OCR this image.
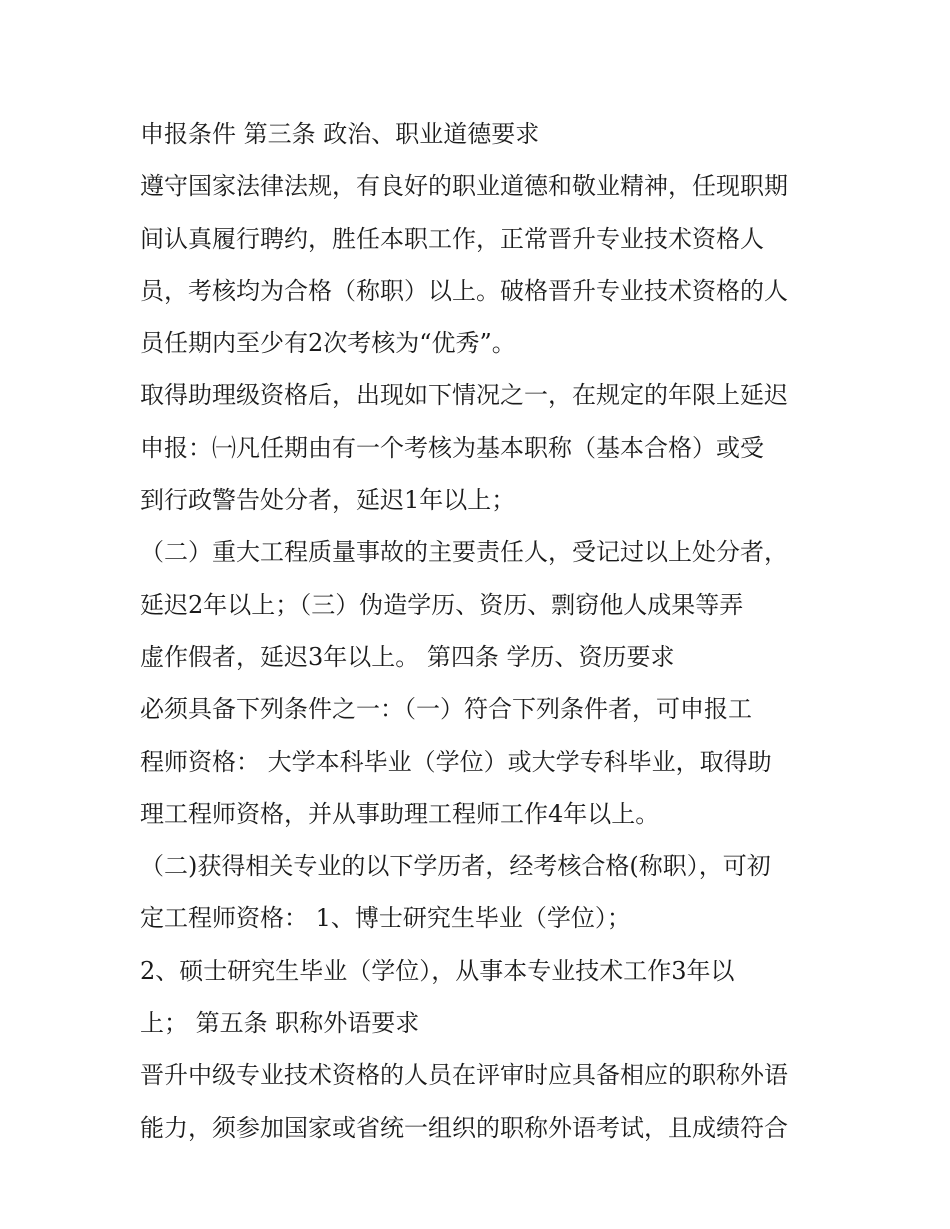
申报条件 第三条 政治、职业道德要求
遵守国家法律法规，有良好的职业道德和敬业精神，任现职期
间认真履行聘约，胜任本职工作，正常晋升专业技术资格人
员，考核均为合格（称职）以上。破格晋升专业技术资格的人
员任期内至少有2次考核为“优秀”。
取得助理级资格后，出现如下情况之一，在规定的年限上延迟
申报：㈠凡任期由有一个考核为基本职称（基本合格）或受
到行政警告处分者，延迟1年以上；
（二）重大工程质量事故的主要责任人，受记过以上处分者，
延迟2年以上；（三）伪造学历、资历、剽窃他人成果等弄
虚作假者，延迟3年以上。 第四条 学历、资历要求
必须具备下列条件之一：（一）符合下列条件者，可申报工
程师资格： 大学本科毕业（学位）或大学专科毕业，取得助
理工程师资格，并从事助理工程师工作4年以上。
（二)获得相关专业的以下学历者，经考核合格(称职），可初
定工程师资格： 1、博士研究生毕业（学位）；
2、硕士研究生毕业（学位），从事本专业技术工作3年以
上； 第五条 职称外语要求
晋升中级专业技术资格的人员在评审时应具备相应的职称外语
能力，须参加国家或省统一组织的职称外语考试，且成绩符合
